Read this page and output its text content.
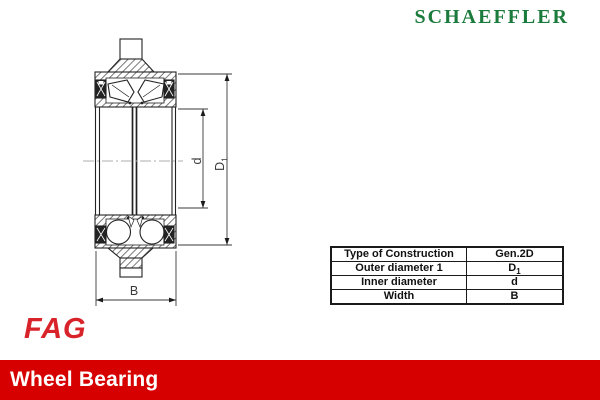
SCHAEFFLER
d
$D_1$
B
Type of Construction	Gen.2D
Outer diameter 1	$D_1$
Inner diameter	d
Width	B
FAG
Wheel Bearing
